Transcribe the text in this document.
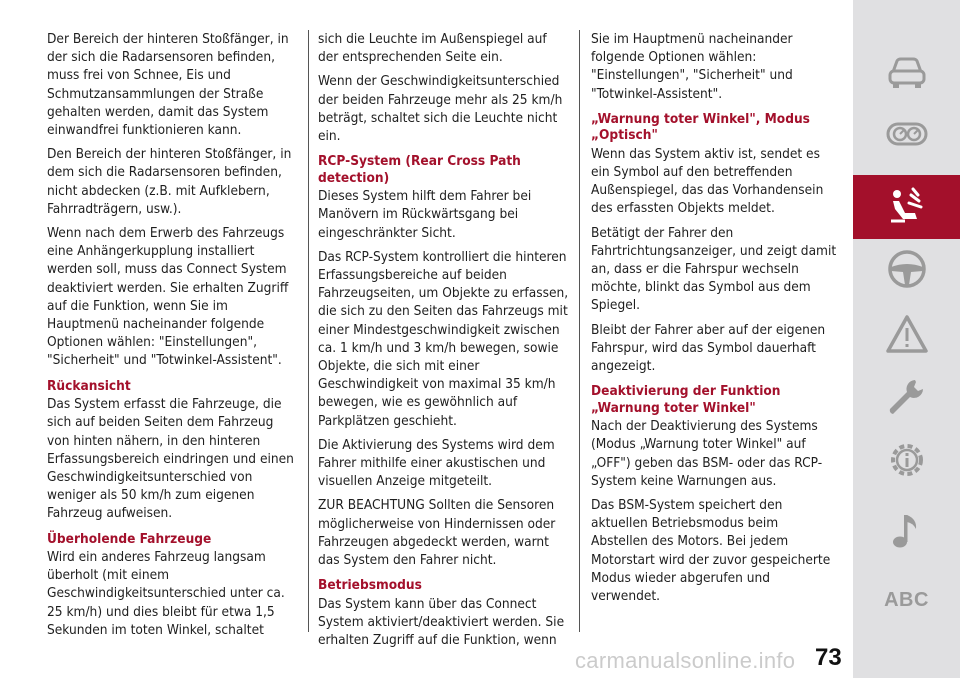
Der Bereich der hinteren Stoßfänger, in der sich die Radarsensoren befinden, muss frei von Schnee, Eis und Schmutzansammlungen der Straße gehalten werden, damit das System einwandfrei funktionieren kann.

Den Bereich der hinteren Stoßfänger, in dem sich die Radarsensoren befinden, nicht abdecken (z.B. mit Aufklebern, Fahrradträgern, usw.).

Wenn nach dem Erwerb des Fahrzeugs eine Anhängerkupplung installiert werden soll, muss das Connect System deaktiviert werden. Sie erhalten Zugriff auf die Funktion, wenn Sie im Hauptmenü nacheinander folgende Optionen wählen: "Einstellungen", "Sicherheit" und "Totwinkel-Assistent".

Rückansicht

Das System erfasst die Fahrzeuge, die sich auf beiden Seiten dem Fahrzeug von hinten nähern, in den hinteren Erfassungsbereich eindringen und einen Geschwindigkeitsunterschied von weniger als 50 km/h zum eigenen Fahrzeug aufweisen.

Überholende Fahrzeuge

Wird ein anderes Fahrzeug langsam überholt (mit einem Geschwindigkeitsunterschied unter ca. 25 km/h) und dies bleibt für etwa 1,5 Sekunden im toten Winkel, schaltet

sich die Leuchte im Außenspiegel auf der entsprechenden Seite ein.

Wenn der Geschwindigkeitsunterschied der beiden Fahrzeuge mehr als 25 km/h beträgt, schaltet sich die Leuchte nicht ein.

RCP-System (Rear Cross Path detection)

Dieses System hilft dem Fahrer bei Manövern im Rückwärtsgang bei eingeschränkter Sicht.

Das RCP-System kontrolliert die hinteren Erfassungsbereiche auf beiden Fahrzeugseiten, um Objekte zu erfassen, die sich zu den Seiten das Fahrzeugs mit einer Mindestgeschwindigkeit zwischen ca. 1 km/h und 3 km/h bewegen, sowie Objekte, die sich mit einer Geschwindigkeit von maximal 35 km/h bewegen, wie es gewöhnlich auf Parkplätzen geschieht.

Die Aktivierung des Systems wird dem Fahrer mithilfe einer akustischen und visuellen Anzeige mitgeteilt.

ZUR BEACHTUNG Sollten die Sensoren möglicherweise von Hindernissen oder Fahrzeugen abgedeckt werden, warnt das System den Fahrer nicht.

Betriebsmodus

Das System kann über das Connect System aktiviert/deaktiviert werden. Sie erhalten Zugriff auf die Funktion, wenn

Sie im Hauptmenü nacheinander folgende Optionen wählen: "Einstellungen", "Sicherheit" und "Totwinkel-Assistent".

„Warnung toter Winkel", Modus „Optisch"

Wenn das System aktiv ist, sendet es ein Symbol auf den betreffenden Außenspiegel, das das Vorhandensein des erfassten Objekts meldet.

Betätigt der Fahrer den Fahrtrichtungsanzeiger, und zeigt damit an, dass er die Fahrspur wechseln möchte, blinkt das Symbol aus dem Spiegel.

Bleibt der Fahrer aber auf der eigenen Fahrspur, wird das Symbol dauerhaft angezeigt.

Deaktivierung der Funktion „Warnung toter Winkel"

Nach der Deaktivierung des Systems (Modus „Warnung toter Winkel" auf „OFF") geben das BSM- oder das RCP-System keine Warnungen aus.

Das BSM-System speichert den aktuellen Betriebsmodus beim Abstellen des Motors. Bei jedem Motorstart wird der zuvor gespeicherte Modus wieder abgerufen und verwendet.	ABC
carmanualsonline.info 73
